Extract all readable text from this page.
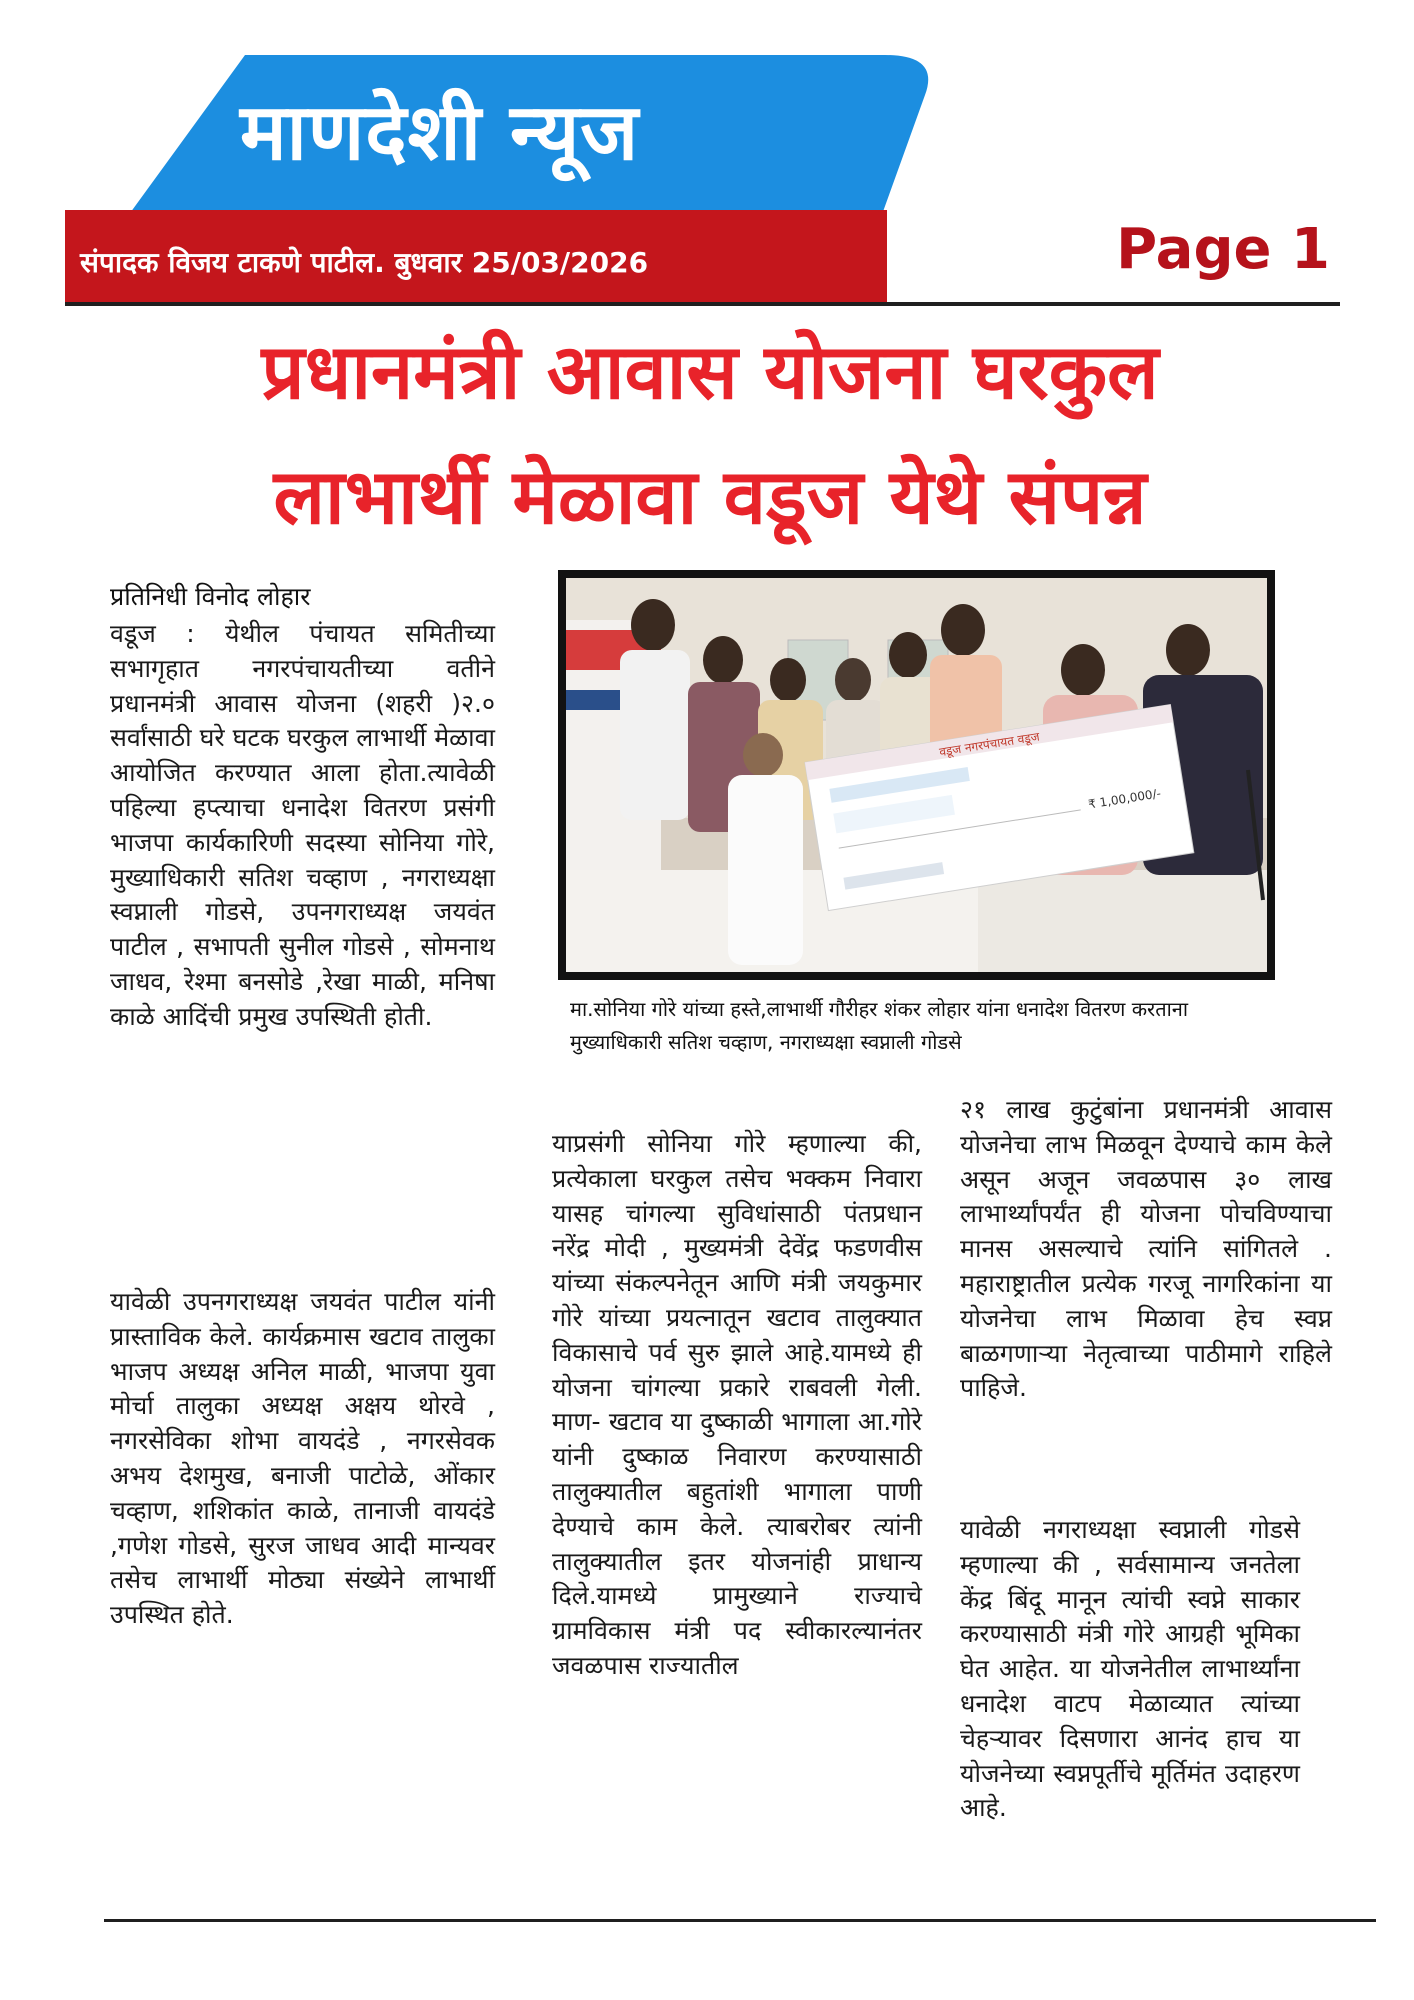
माणदेशी न्यूज
संपादक विजय टाकणे पाटील. बुधवार 25/03/2026	Page 1
प्रधानमंत्री आवास योजना घरकुल
लाभार्थी मेळावा वडूज येथे संपन्न
प्रतिनिधी विनोद लोहार
वडूज : येथील पंचायत समितीच्या सभागृहात नगरपंचायतीच्या वतीने प्रधानमंत्री आवास योजना (शहरी )२.० सर्वांसाठी घरे घटक घरकुल लाभार्थी मेळावा आयोजित करण्यात आला होता.त्यावेळी पहिल्या हप्त्याचा धनादेश वितरण प्रसंगी भाजपा कार्यकारिणी सदस्या सोनिया गोरे, मुख्याधिकारी सतिश चव्हाण , नगराध्यक्षा स्वप्नाली गोडसे, उपनगराध्यक्ष जयवंत पाटील , सभापती सुनील गोडसे , सोमनाथ जाधव, रेश्मा बनसोडे ,रेखा माळी, मनिषा काळे आदिंची प्रमुख उपस्थिती होती.
यावेळी उपनगराध्यक्ष जयवंत पाटील यांनी प्रास्ताविक केले. कार्यक्रमास खटाव तालुका भाजप अध्यक्ष अनिल माळी, भाजपा युवा मोर्चा तालुका अध्यक्ष अक्षय थोरवे , नगरसेविका शोभा वायदंडे , नगरसेवक अभय देशमुख, बनाजी पाटोळे, ओंकार चव्हाण, शशिकांत काळे, तानाजी वायदंडे ,गणेश गोडसे, सुरज जाधव आदी मान्यवर तसेच लाभार्थी मोठ्या संख्येने लाभार्थी उपस्थित होते.
वडूज नगरपंचायत वडूज
₹ 1,00,000/-
मा.सोनिया गोरे यांच्या हस्ते,लाभार्थी गौरीहर शंकर लोहार यांना धनादेश वितरण करताना मुख्याधिकारी सतिश चव्हाण, नगराध्यक्षा स्वप्नाली गोडसे
याप्रसंगी सोनिया गोरे म्हणाल्या की, प्रत्येकाला घरकुल तसेच भक्कम निवारा यासह चांगल्या सुविधांसाठी पंतप्रधान नरेंद्र मोदी , मुख्यमंत्री देवेंद्र फडणवीस यांच्या संकल्पनेतून आणि मंत्री जयकुमार गोरे यांच्या प्रयत्नातून खटाव तालुक्यात विकासाचे पर्व सुरु झाले आहे.यामध्ये ही योजना चांगल्या प्रकारे राबवली गेली. माण- खटाव या दुष्काळी भागाला आ.गोरे यांनी दुष्काळ निवारण करण्यासाठी तालुक्यातील बहुतांशी भागाला पाणी देण्याचे काम केले. त्याबरोबर त्यांनी तालुक्यातील इतर योजनांही प्राधान्य दिले.यामध्ये प्रामुख्याने राज्याचे ग्रामविकास मंत्री पद स्वीकारल्यानंतर जवळपास राज्यातील
२१ लाख कुटुंबांना प्रधानमंत्री आवास योजनेचा लाभ मिळवून देण्याचे काम केले असून अजून जवळपास ३० लाख लाभार्थ्यांपर्यंत ही योजना पोचविण्याचा मानस असल्याचे त्यांनि सांगितले . महाराष्ट्रातील प्रत्येक गरजू नागरिकांना या योजनेचा लाभ मिळावा हेच स्वप्न बाळगणाऱ्या नेतृत्वाच्या पाठीमागे राहिले पाहिजे.
यावेळी नगराध्यक्षा स्वप्नाली गोडसे म्हणाल्या की , सर्वसामान्य जनतेला केंद्र बिंदू मानून त्यांची स्वप्ने साकार करण्यासाठी मंत्री गोरे आग्रही भूमिका घेत आहेत. या योजनेतील लाभार्थ्यांना धनादेश वाटप मेळाव्यात त्यांच्या चेहऱ्यावर दिसणारा आनंद हाच या योजनेच्या स्वप्नपूर्तीचे मूर्तिमंत उदाहरण आहे.
